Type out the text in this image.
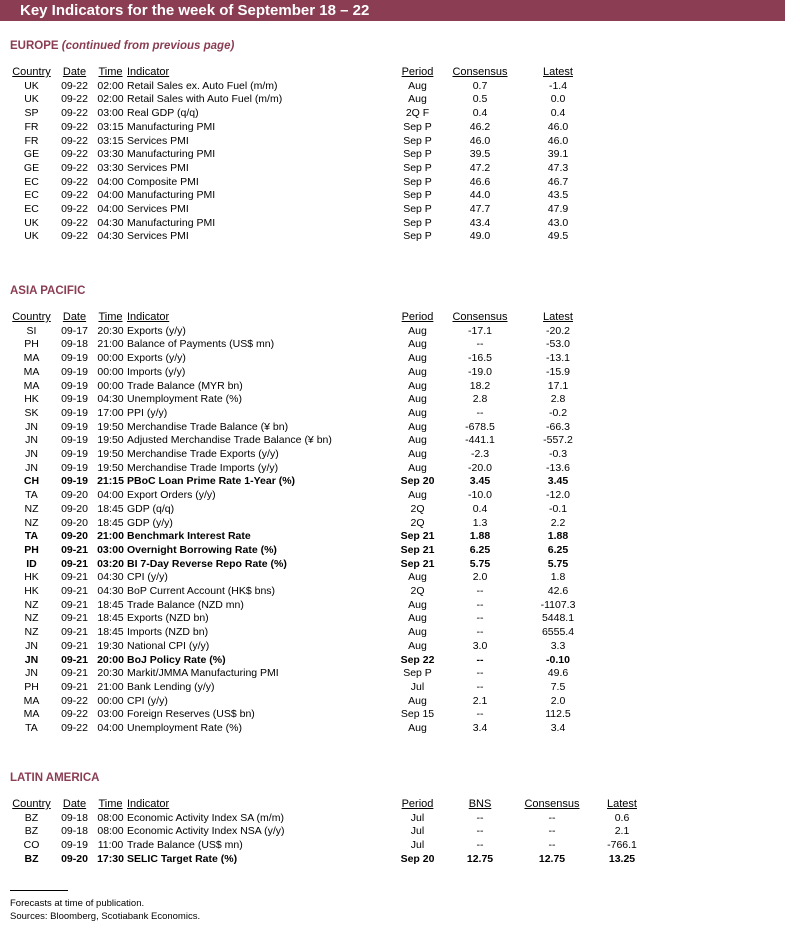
Key Indicators for the week of September 18 – 22
EUROPE (continued from previous page)
Country	Date	Time	Indicator	Period	Consensus	Latest
UK	09-22	02:00	Retail Sales ex. Auto Fuel (m/m)	Aug	0.7	-1.4
UK	09-22	02:00	Retail Sales with Auto Fuel (m/m)	Aug	0.5	0.0
SP	09-22	03:00	Real GDP (q/q)	2Q F	0.4	0.4
FR	09-22	03:15	Manufacturing PMI	Sep P	46.2	46.0
FR	09-22	03:15	Services PMI	Sep P	46.0	46.0
GE	09-22	03:30	Manufacturing PMI	Sep P	39.5	39.1
GE	09-22	03:30	Services PMI	Sep P	47.2	47.3
EC	09-22	04:00	Composite PMI	Sep P	46.6	46.7
EC	09-22	04:00	Manufacturing PMI	Sep P	44.0	43.5
EC	09-22	04:00	Services PMI	Sep P	47.7	47.9
UK	09-22	04:30	Manufacturing PMI	Sep P	43.4	43.0
UK	09-22	04:30	Services PMI	Sep P	49.0	49.5
ASIA PACIFIC
Country	Date	Time	Indicator	Period	Consensus	Latest
SI	09-17	20:30	Exports (y/y)	Aug	-17.1	-20.2
PH	09-18	21:00	Balance of Payments (US$ mn)	Aug	--	-53.0
MA	09-19	00:00	Exports (y/y)	Aug	-16.5	-13.1
MA	09-19	00:00	Imports (y/y)	Aug	-19.0	-15.9
MA	09-19	00:00	Trade Balance (MYR bn)	Aug	18.2	17.1
HK	09-19	04:30	Unemployment Rate (%)	Aug	2.8	2.8
SK	09-19	17:00	PPI (y/y)	Aug	--	-0.2
JN	09-19	19:50	Merchandise Trade Balance (¥ bn)	Aug	-678.5	-66.3
JN	09-19	19:50	Adjusted Merchandise Trade Balance (¥ bn)	Aug	-441.1	-557.2
JN	09-19	19:50	Merchandise Trade Exports (y/y)	Aug	-2.3	-0.3
JN	09-19	19:50	Merchandise Trade Imports (y/y)	Aug	-20.0	-13.6
CH	09-19	21:15	PBoC Loan Prime Rate 1-Year (%)	Sep 20	3.45	3.45
TA	09-20	04:00	Export Orders (y/y)	Aug	-10.0	-12.0
NZ	09-20	18:45	GDP (q/q)	2Q	0.4	-0.1
NZ	09-20	18:45	GDP (y/y)	2Q	1.3	2.2
TA	09-20	21:00	Benchmark Interest Rate	Sep 21	1.88	1.88
PH	09-21	03:00	Overnight Borrowing Rate (%)	Sep 21	6.25	6.25
ID	09-21	03:20	BI 7-Day Reverse Repo Rate (%)	Sep 21	5.75	5.75
HK	09-21	04:30	CPI (y/y)	Aug	2.0	1.8
HK	09-21	04:30	BoP Current Account (HK$ bns)	2Q	--	42.6
NZ	09-21	18:45	Trade Balance (NZD mn)	Aug	--	-1107.3
NZ	09-21	18:45	Exports (NZD bn)	Aug	--	5448.1
NZ	09-21	18:45	Imports (NZD bn)	Aug	--	6555.4
JN	09-21	19:30	National CPI (y/y)	Aug	3.0	3.3
JN	09-21	20:00	BoJ Policy Rate (%)	Sep 22	--	-0.10
JN	09-21	20:30	Markit/JMMA Manufacturing PMI	Sep P	--	49.6
PH	09-21	21:00	Bank Lending (y/y)	Jul	--	7.5
MA	09-22	00:00	CPI (y/y)	Aug	2.1	2.0
MA	09-22	03:00	Foreign Reserves (US$ bn)	Sep 15	--	112.5
TA	09-22	04:00	Unemployment Rate (%)	Aug	3.4	3.4
LATIN AMERICA
Country	Date	Time	Indicator	Period	BNS	Consensus	Latest
BZ	09-18	08:00	Economic Activity Index SA (m/m)	Jul	--	--	0.6
BZ	09-18	08:00	Economic Activity Index NSA (y/y)	Jul	--	--	2.1
CO	09-19	11:00	Trade Balance (US$ mn)	Jul	--	--	-766.1
BZ	09-20	17:30	SELIC Target Rate (%)	Sep 20	12.75	12.75	13.25
Forecasts at time of publication.
Sources: Bloomberg, Scotiabank Economics.
